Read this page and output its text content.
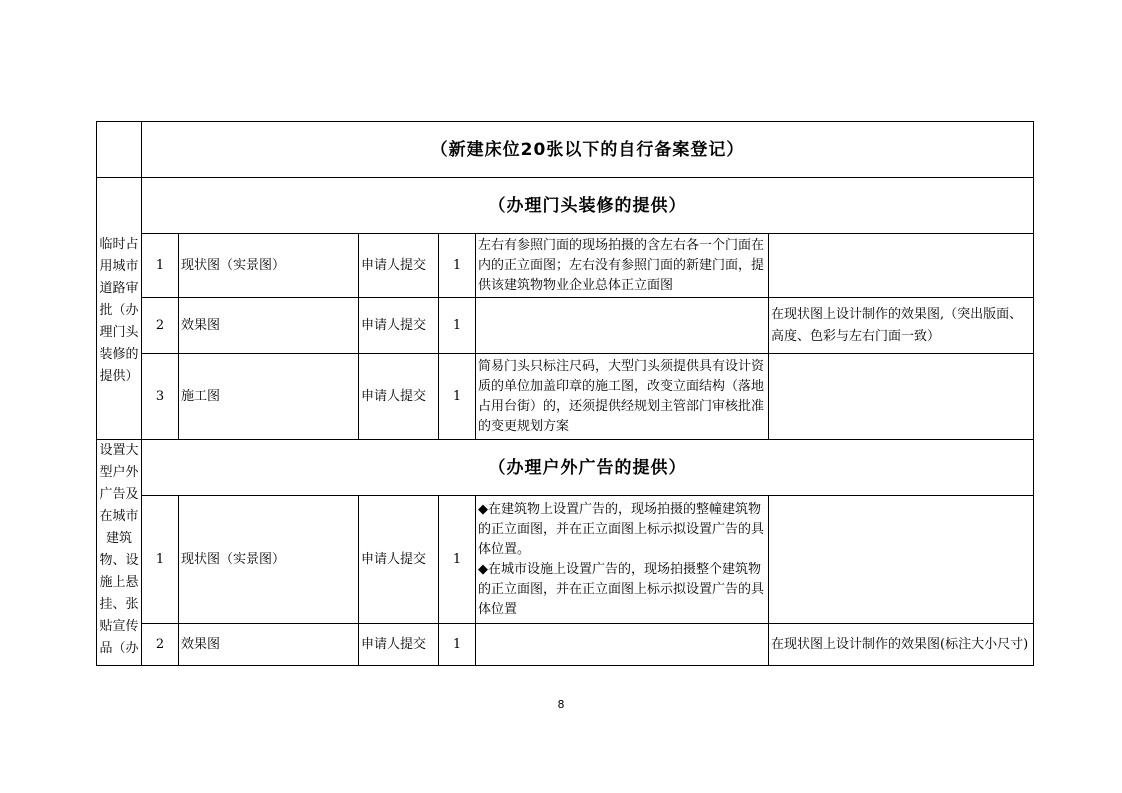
	（新建床位20张以下的自行备案登记）					

临时占用城市道路审批（办理门头装修的提供）	（办理门头装修的提供）					
	1	现状图（实景图）	申请人提交	1	左右有参照门面的现场拍摄的含左右各一个门面在内的正立面图；左右没有参照门面的新建门面，提供该建筑物物业企业总体正立面图	
	2	效果图	申请人提交	1		在现状图上设计制作的效果图,（突出版面、高度、色彩与左右门面一致）
	3	施工图	申请人提交	1	简易门头只标注尺码，大型门头须提供具有设计资质的单位加盖印章的施工图，改变立面结构（落地占用台街）的，还须提供经规划主管部门审核批准的变更规划方案	

设置大型户外广告及在城市建筑物、设施上悬挂、张贴宣传品（办	（办理户外广告的提供）					
	1	现状图（实景图）	申请人提交	1	◆在建筑物上设置广告的，现场拍摄的整幢建筑物的正立面图，并在正立面图上标示拟设置广告的具体位置。
◆在城市设施上设置广告的，现场拍摄整个建筑物的正立面图，并在正立面图上标示拟设置广告的具体位置	

	2	效果图	申请人提交	1		在现状图上设计制作的效果图(标注大小尺寸)
8
